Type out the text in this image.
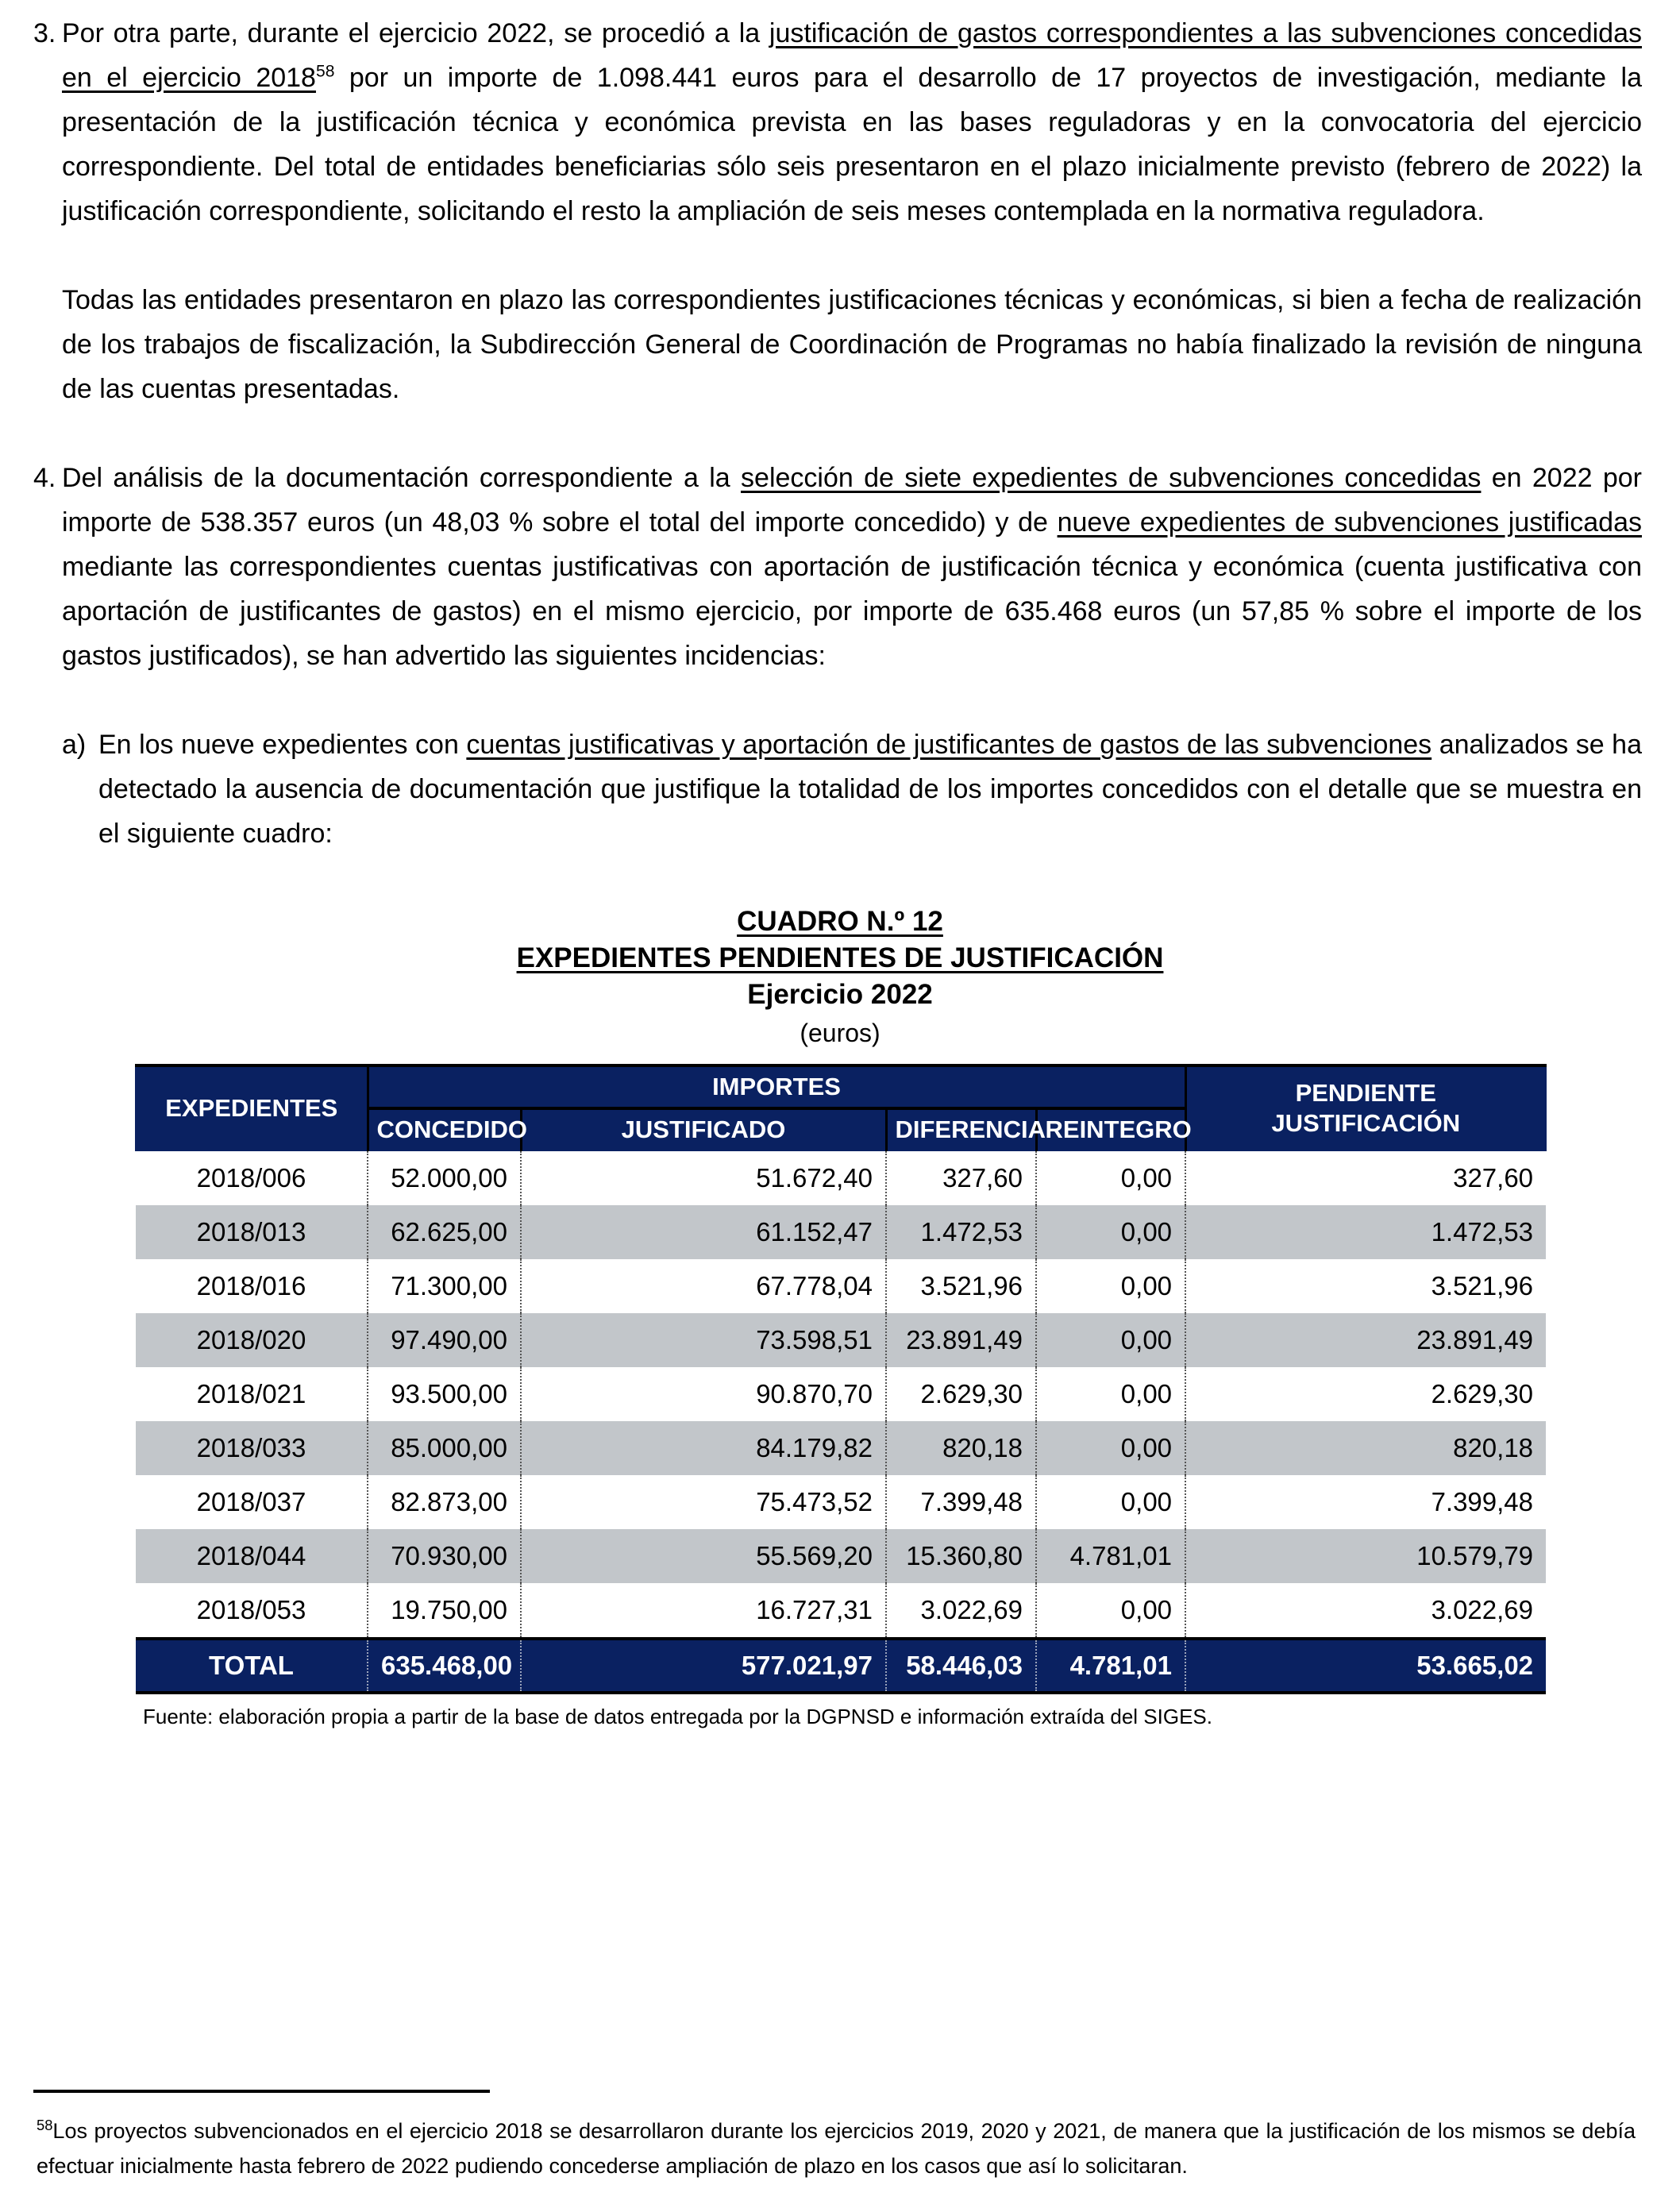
3. Por otra parte, durante el ejercicio 2022, se procedió a la justificación de gastos correspondientes a las subvenciones concedidas en el ejercicio 2018$^{58}$ por un importe de 1.098.441 euros para el desarrollo de 17 proyectos de investigación, mediante la presentación de la justificación técnica y económica prevista en las bases reguladoras y en la convocatoria del ejercicio correspondiente. Del total de entidades beneficiarias sólo seis presentaron en el plazo inicialmente previsto (febrero de 2022) la justificación correspondiente, solicitando el resto la ampliación de seis meses contemplada en la normativa reguladora.

Todas las entidades presentaron en plazo las correspondientes justificaciones técnicas y económicas, si bien a fecha de realización de los trabajos de fiscalización, la Subdirección General de Coordinación de Programas no había finalizado la revisión de ninguna de las cuentas presentadas.

4. Del análisis de la documentación correspondiente a la selección de siete expedientes de subvenciones concedidas en 2022 por importe de 538.357 euros (un 48,03 % sobre el total del importe concedido) y de nueve expedientes de subvenciones justificadas mediante las correspondientes cuentas justificativas con aportación de justificación técnica y económica (cuenta justificativa con aportación de justificantes de gastos) en el mismo ejercicio, por importe de 635.468 euros (un 57,85 % sobre el importe de los gastos justificados), se han advertido las siguientes incidencias:

a) En los nueve expedientes con cuentas justificativas y aportación de justificantes de gastos de las subvenciones analizados se ha detectado la ausencia de documentación que justifique la totalidad de los importes concedidos con el detalle que se muestra en el siguiente cuadro:

CUADRO N.º 12
EXPEDIENTES PENDIENTES DE JUSTIFICACIÓN
Ejercicio 2022
(euros)
EXPEDIENTES	IMPORTES				PENDIENTE
JUSTIFICACIÓN
	CONCEDIDO	JUSTIFICADO	DIFERENCIA	REINTEGRO	
2018/006	52.000,00	51.672,40	327,60	0,00	327,60
2018/013	62.625,00	61.152,47	1.472,53	0,00	1.472,53
2018/016	71.300,00	67.778,04	3.521,96	0,00	3.521,96
2018/020	97.490,00	73.598,51	23.891,49	0,00	23.891,49
2018/021	93.500,00	90.870,70	2.629,30	0,00	2.629,30
2018/033	85.000,00	84.179,82	820,18	0,00	820,18
2018/037	82.873,00	75.473,52	7.399,48	0,00	7.399,48
2018/044	70.930,00	55.569,20	15.360,80	4.781,01	10.579,79
2018/053	19.750,00	16.727,31	3.022,69	0,00	3.022,69
TOTAL	635.468,00	577.021,97	58.446,03	4.781,01	53.665,02

Fuente: elaboración propia a partir de la base de datos entregada por la DGPNSD e información extraída del SIGES.

$^{58}$Los proyectos subvencionados en el ejercicio 2018 se desarrollaron durante los ejercicios 2019, 2020 y 2021, de manera que la justificación de los mismos se debía efectuar inicialmente hasta febrero de 2022 pudiendo concederse ampliación de plazo en los casos que así lo solicitaran.
